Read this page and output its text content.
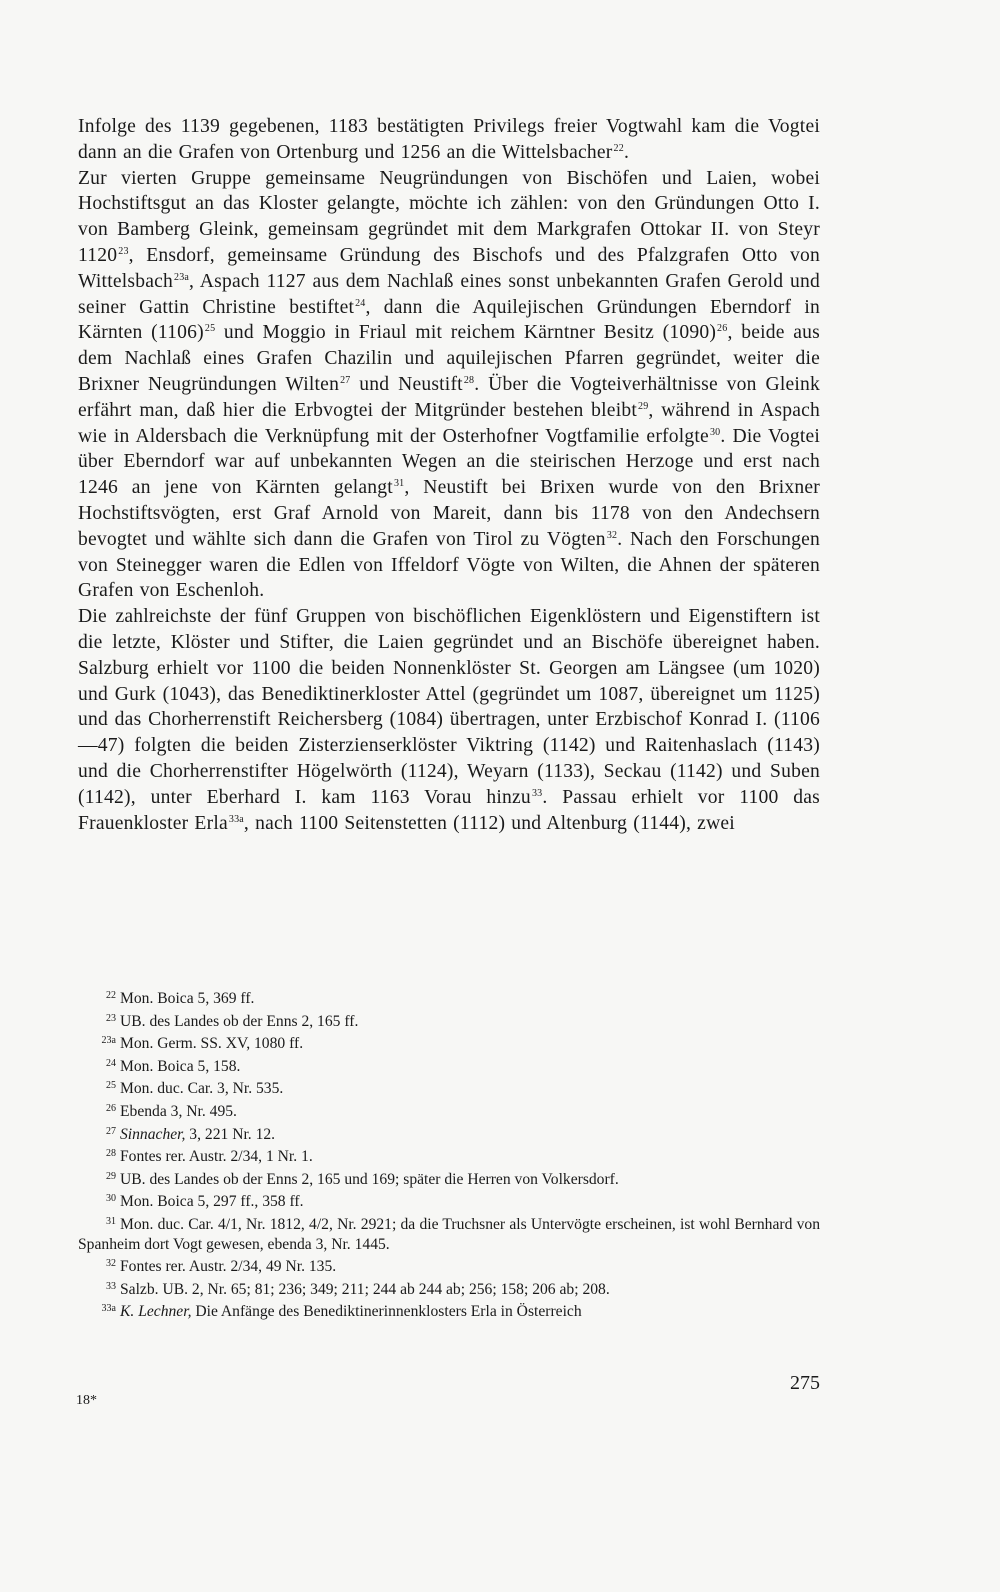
Infolge des 1139 gegebenen, 1183 bestätigten Privilegs freier Vogtwahl kam die Vogtei dann an die Grafen von Ortenburg und 1256 an die Wittelsbacher$^{22}$.

Zur vierten Gruppe gemeinsame Neugründungen von Bischöfen und Laien, wobei Hochstiftsgut an das Kloster gelangte, möchte ich zählen: von den Gründungen Otto I. von Bamberg Gleink, gemeinsam gegründet mit dem Markgrafen Ottokar II. von Steyr 1120$^{23}$, Ensdorf, gemeinsame Gründung des Bischofs und des Pfalzgrafen Otto von Wittelsbach$^{23a}$, Aspach 1127 aus dem Nachlaß eines sonst unbekannten Grafen Gerold und seiner Gattin Christine bestiftet$^{24}$, dann die Aquilejischen Gründungen Eberndorf in Kärnten $(1106)^{25}$ und Moggio in Friaul mit reichem Kärntner Besitz $(1090)^{26}$, beide aus dem Nachlaß eines Grafen Chazilin und aquilejischen Pfarren gegründet, weiter die Brixner Neugründungen Wilten$^{27}$ und Neustift$^{28}$. Über die Vogteiverhältnisse von Gleink erfährt man, daß hier die Erbvogtei der Mitgründer bestehen bleibt$^{29}$, während in Aspach wie in Aldersbach die Verknüpfung mit der Osterhofner Vogtfamilie erfolgte$^{30}$. Die Vogtei über Eberndorf war auf unbekannten Wegen an die steirischen Herzoge und erst nach 1246 an jene von Kärnten gelangt$^{31}$, Neustift bei Brixen wurde von den Brixner Hochstiftsvögten, erst Graf Arnold von Mareit, dann bis 1178 von den Andechsern bevogtet und wählte sich dann die Grafen von Tirol zu Vögten$^{32}$. Nach den Forschungen von Steinegger waren die Edlen von Iffeldorf Vögte von Wilten, die Ahnen der späteren Grafen von Eschenloh.

Die zahlreichste der fünf Gruppen von bischöflichen Eigenklöstern und Eigenstiftern ist die letzte, Klöster und Stifter, die Laien gegründet und an Bischöfe übereignet haben. Salzburg erhielt vor 1100 die beiden Nonnenklöster St. Georgen am Längsee (um 1020) und Gurk (1043), das Benediktinerkloster Attel (gegründet um 1087, übereignet um 1125) und das Chorherrenstift Reichersberg (1084) übertragen, unter Erzbischof Konrad I. (1106—47) folgten die beiden Zisterzienserklöster Viktring (1142) und Raitenhaslach (1143) und die Chorherrenstifter Högelwörth (1124), Weyarn (1133), Seckau (1142) und Suben (1142), unter Eberhard I. kam 1163 Vorau hinzu$^{33}$. Passau erhielt vor 1100 das Frauenkloster Erla$^{33a}$, nach 1100 Seitenstetten (1112) und Altenburg (1144), zwei

22 Mon. Boica 5, 369 ff.
23 UB. des Landes ob der Enns 2, 165 ff.
23a Mon. Germ. SS. XV, 1080 ff.
24 Mon. Boica 5, 158.
25 Mon. duc. Car. 3, Nr. 535.
26 Ebenda 3, Nr. 495.
27 Sinnacher, 3, 221 Nr. 12.
28 Fontes rer. Austr. 2/34, 1 Nr. 1.
29 UB. des Landes ob der Enns 2, 165 und 169; später die Herren von Volkersdorf.
30 Mon. Boica 5, 297 ff., 358 ff.
31 Mon. duc. Car. 4/1, Nr. 1812, 4/2, Nr. 2921; da die Truchsner als Untervögte erscheinen, ist wohl Bernhard von Spanheim dort Vogt gewesen, ebenda 3, Nr. 1445.
32 Fontes rer. Austr. 2/34, 49 Nr. 135.
33 Salzb. UB. 2, Nr. 65; 81; 236; 349; 211; 244 ab 244 ab; 256; 158; 206 ab; 208.
33a K. Lechner, Die Anfänge des Benediktinerinnenklosters Erla in Österreich
18*
275
